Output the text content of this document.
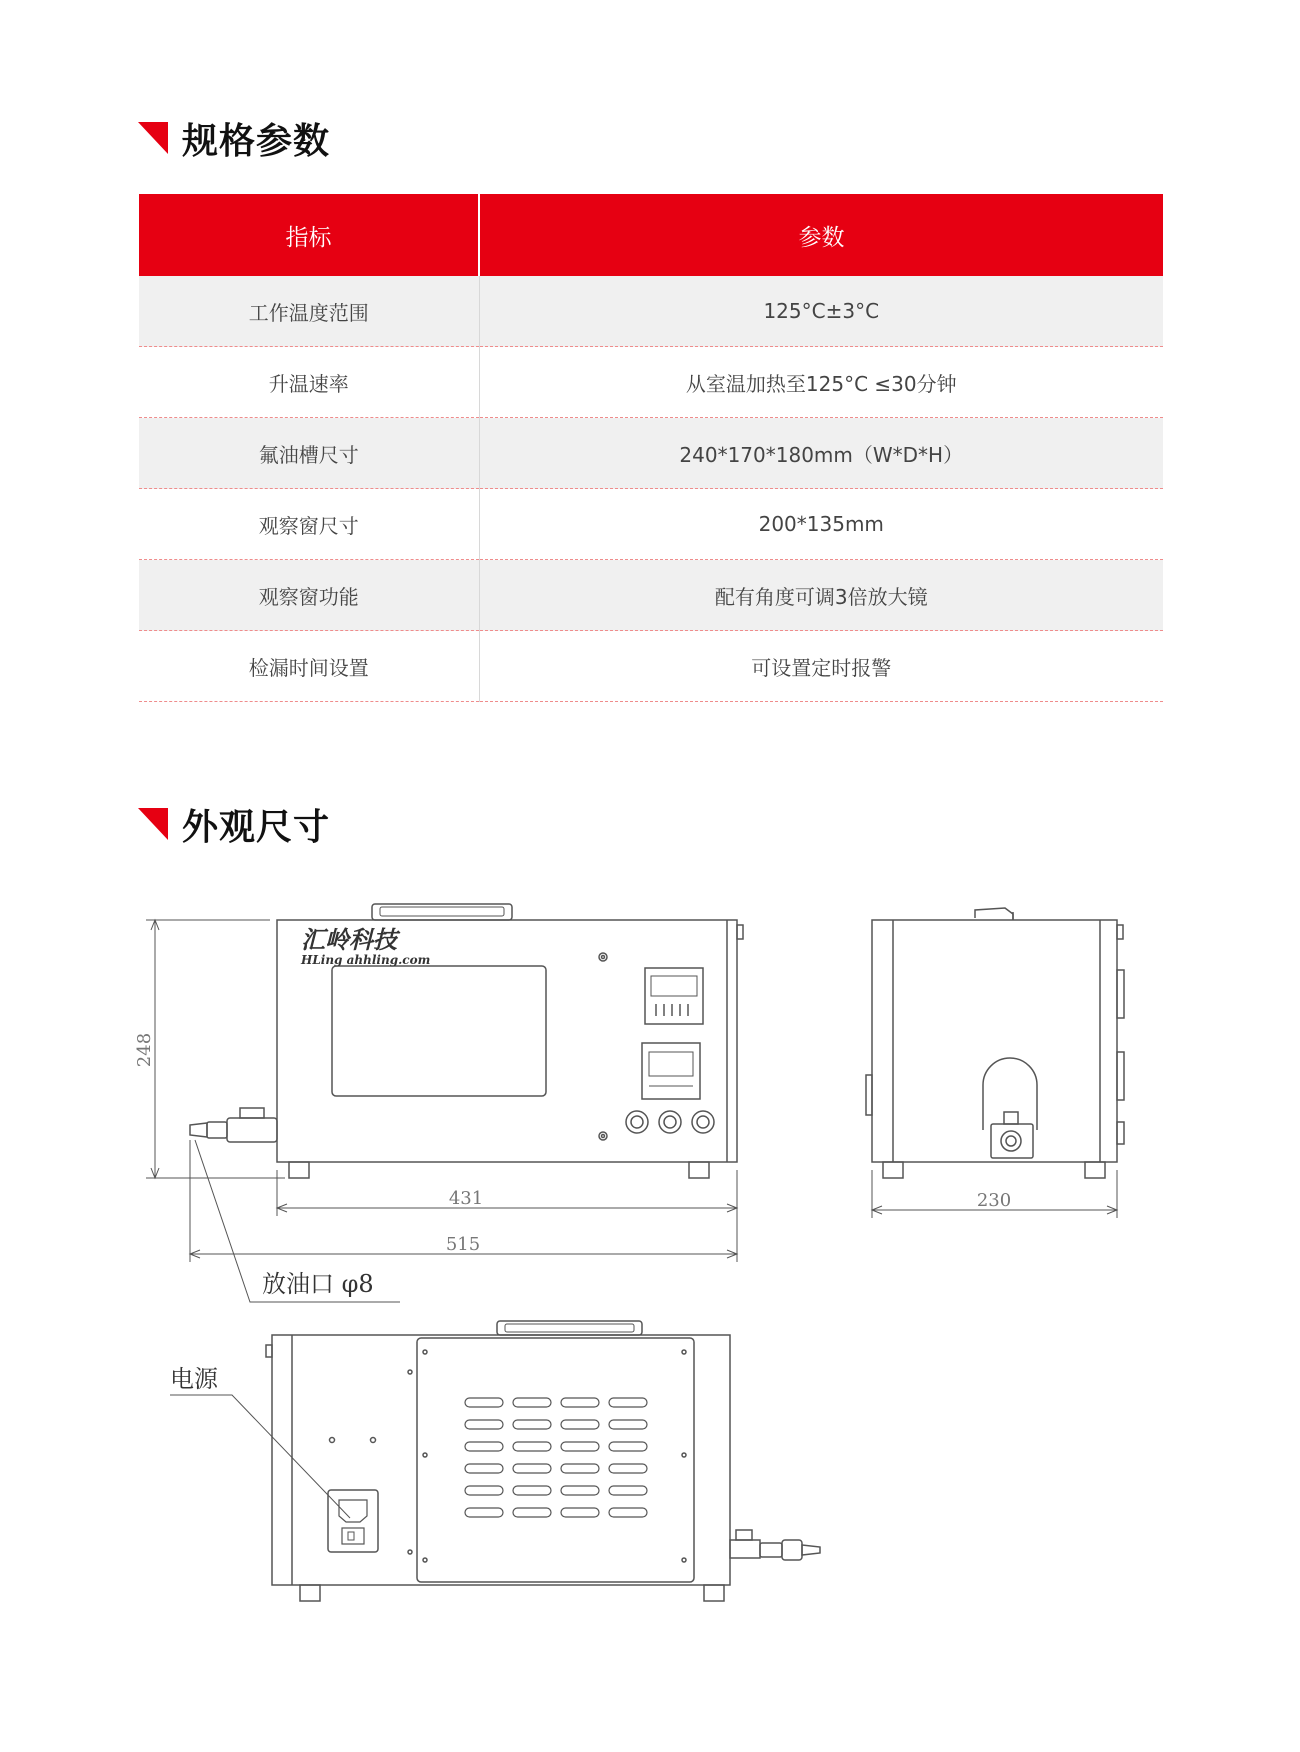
规格参数
指标	参数
工作温度范围	125°C±3°C
升温速率	从室温加热至125°C ≤30分钟
氟油槽尺寸	240*170*180mm（W*D*H）
观察窗尺寸	200*135mm
观察窗功能	配有角度可调3倍放大镜
检漏时间设置	可设置定时报警
外观尺寸
汇岭科技
HLing ahhling.com
248
431
515
放油口 φ8
230
电源
